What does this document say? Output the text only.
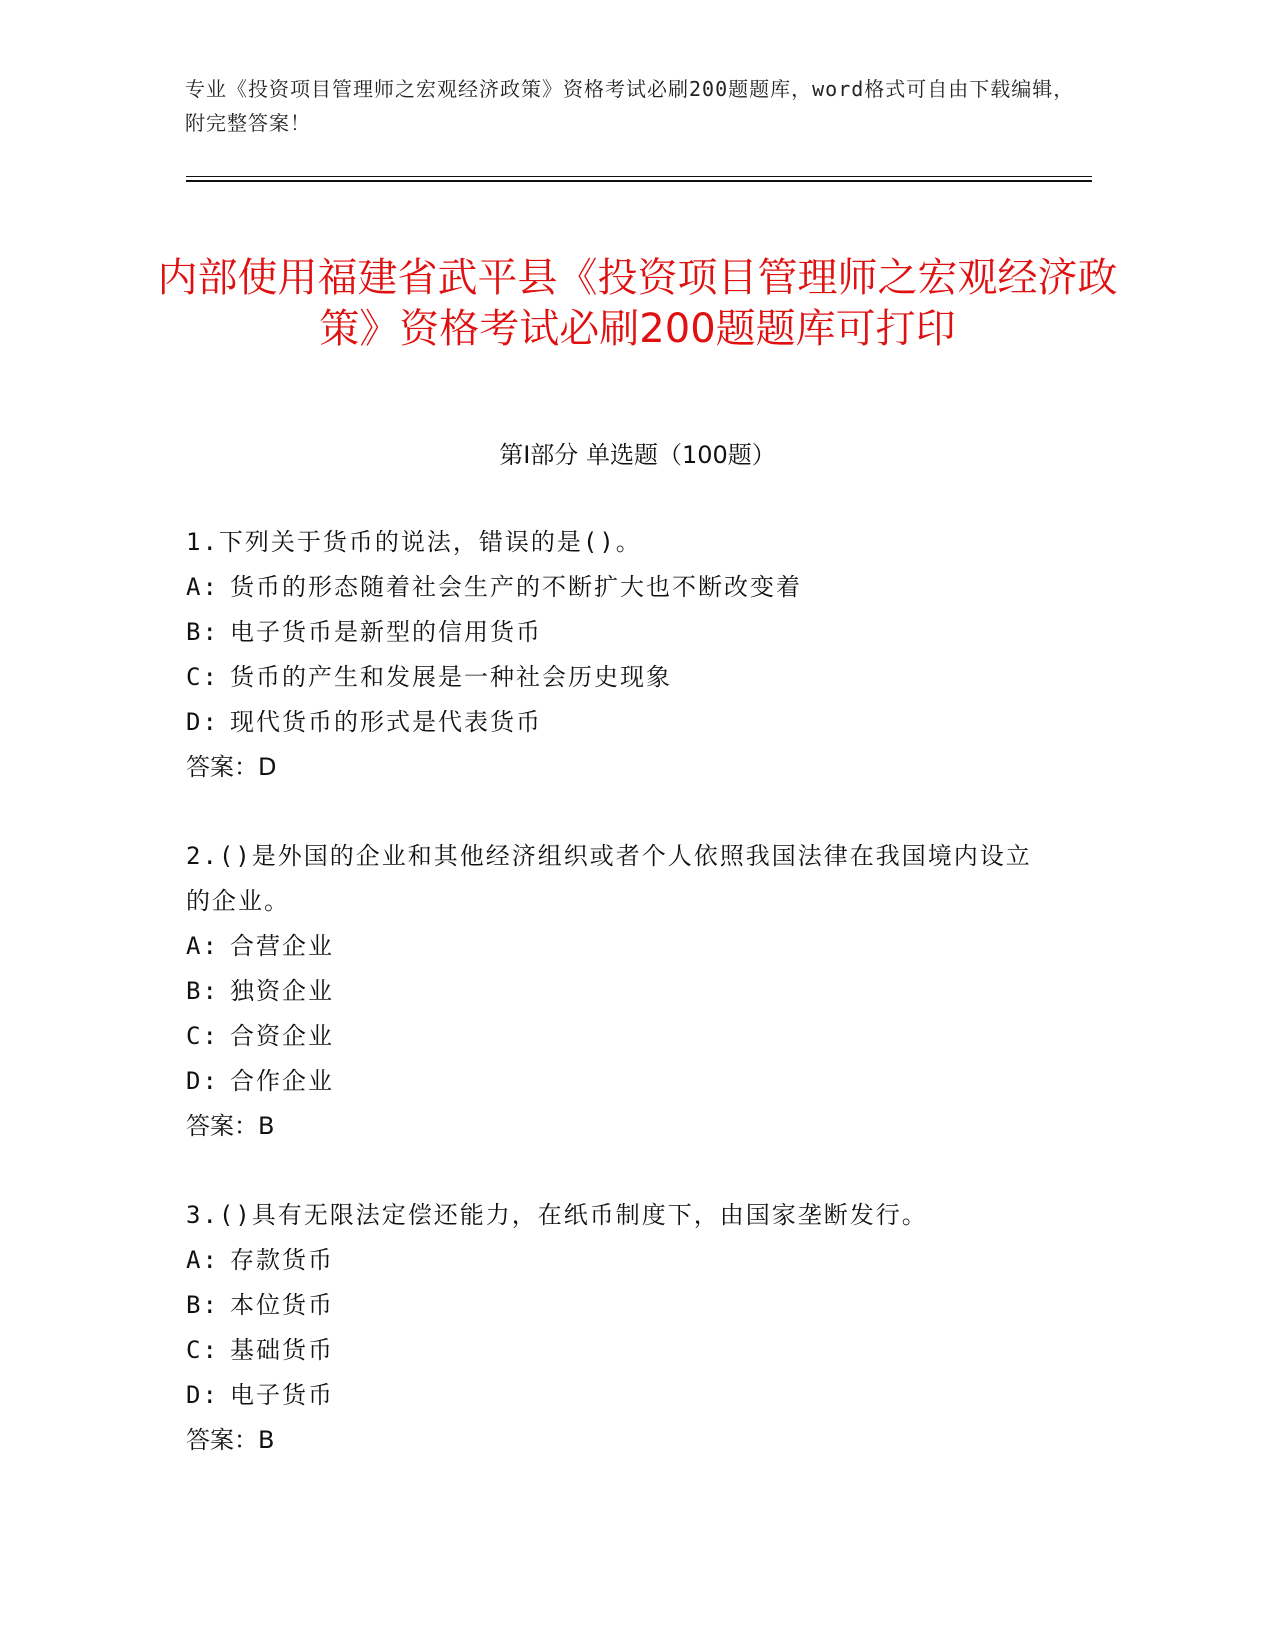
专业《投资项目管理师之宏观经济政策》资格考试必刷200题题库，word格式可自由下载编辑，附完整答案！
内部使用福建省武平县《投资项目管理师之宏观经济政策》资格考试必刷200题题库可打印
第Ⅰ部分 单选题（100题）
1.下列关于货币的说法，错误的是()。
A: 货币的形态随着社会生产的不断扩大也不断改变着
B: 电子货币是新型的信用货币
C: 货币的产生和发展是一种社会历史现象
D: 现代货币的形式是代表货币
答案：D
2.()是外国的企业和其他经济组织或者个人依照我国法律在我国境内设立的企业。
A: 合营企业
B: 独资企业
C: 合资企业
D: 合作企业
答案：B
3.()具有无限法定偿还能力，在纸币制度下，由国家垄断发行。
A: 存款货币
B: 本位货币
C: 基础货币
D: 电子货币
答案：B
